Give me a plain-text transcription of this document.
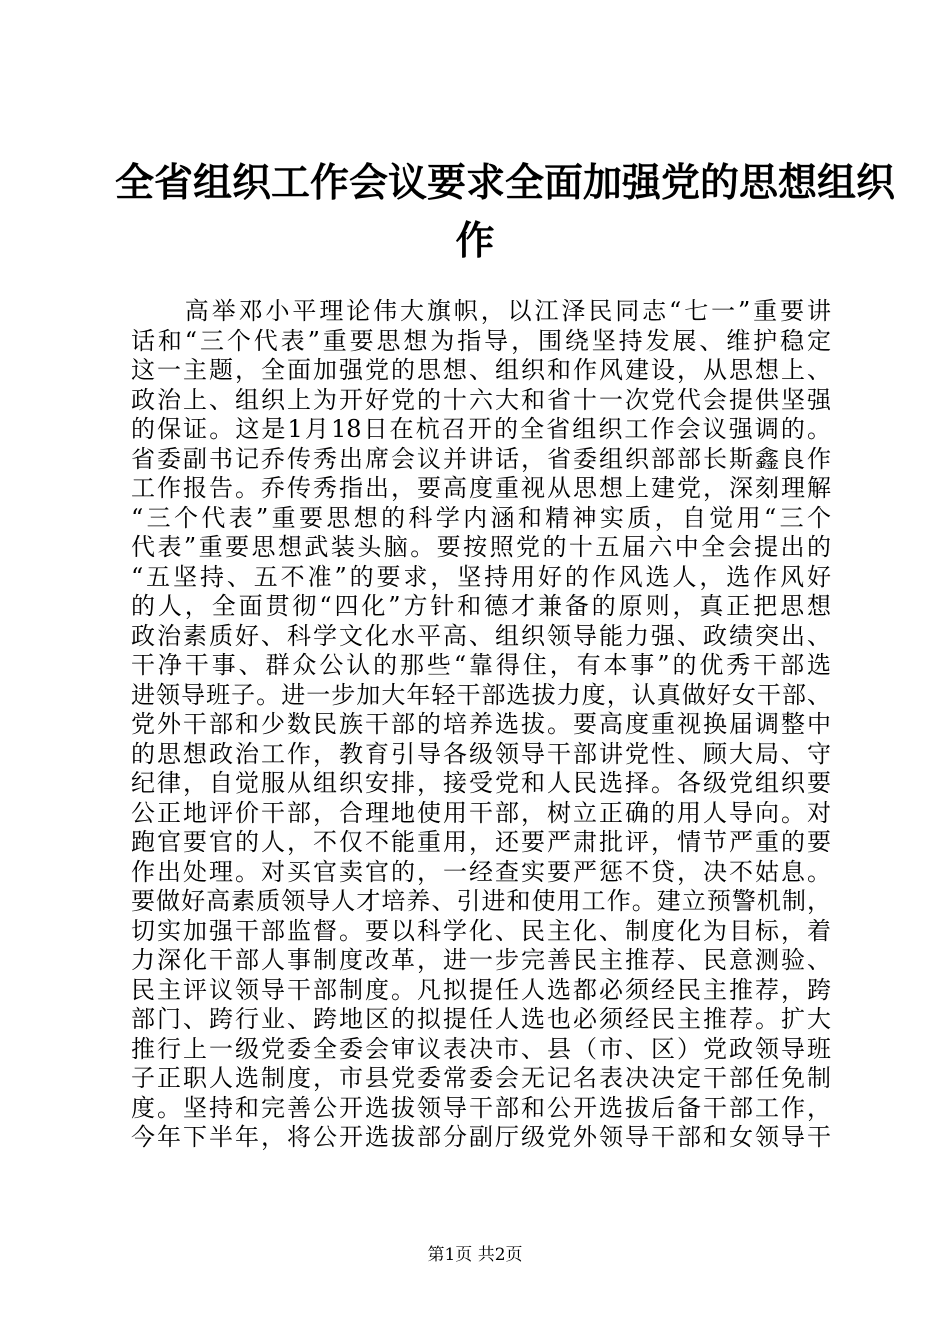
全省组织工作会议要求全面加强党的思想组织
作
　　高举邓小平理论伟大旗帜，以江泽民同志“七一”重要讲
话和“三个代表”重要思想为指导，围绕坚持发展、维护稳定
这一主题，全面加强党的思想、组织和作风建设，从思想上、
政治上、组织上为开好党的十六大和省十一次党代会提供坚强
的保证。这是1月18日在杭召开的全省组织工作会议强调的。
省委副书记乔传秀出席会议并讲话，省委组织部部长斯鑫良作
工作报告。乔传秀指出，要高度重视从思想上建党，深刻理解
“三个代表”重要思想的科学内涵和精神实质，自觉用“三个
代表”重要思想武装头脑。要按照党的十五届六中全会提出的
“五坚持、五不准”的要求，坚持用好的作风选人，选作风好
的人，全面贯彻“四化”方针和德才兼备的原则，真正把思想
政治素质好、科学文化水平高、组织领导能力强、政绩突出、
干净干事、群众公认的那些“靠得住，有本事”的优秀干部选
进领导班子。进一步加大年轻干部选拔力度，认真做好女干部、
党外干部和少数民族干部的培养选拔。要高度重视换届调整中
的思想政治工作，教育引导各级领导干部讲党性、顾大局、守
纪律，自觉服从组织安排，接受党和人民选择。各级党组织要
公正地评价干部，合理地使用干部，树立正确的用人导向。对
跑官要官的人，不仅不能重用，还要严肃批评，情节严重的要
作出处理。对买官卖官的，一经查实要严惩不贷，决不姑息。
要做好高素质领导人才培养、引进和使用工作。建立预警机制，
切实加强干部监督。要以科学化、民主化、制度化为目标，着
力深化干部人事制度改革，进一步完善民主推荐、民意测验、
民主评议领导干部制度。凡拟提任人选都必须经民主推荐，跨
部门、跨行业、跨地区的拟提任人选也必须经民主推荐。扩大
推行上一级党委全委会审议表决市、县（市、区）党政领导班
子正职人选制度，市县党委常委会无记名表决决定干部任免制
度。坚持和完善公开选拔领导干部和公开选拔后备干部工作，
今年下半年，将公开选拔部分副厅级党外领导干部和女领导干
第1页 共2页
